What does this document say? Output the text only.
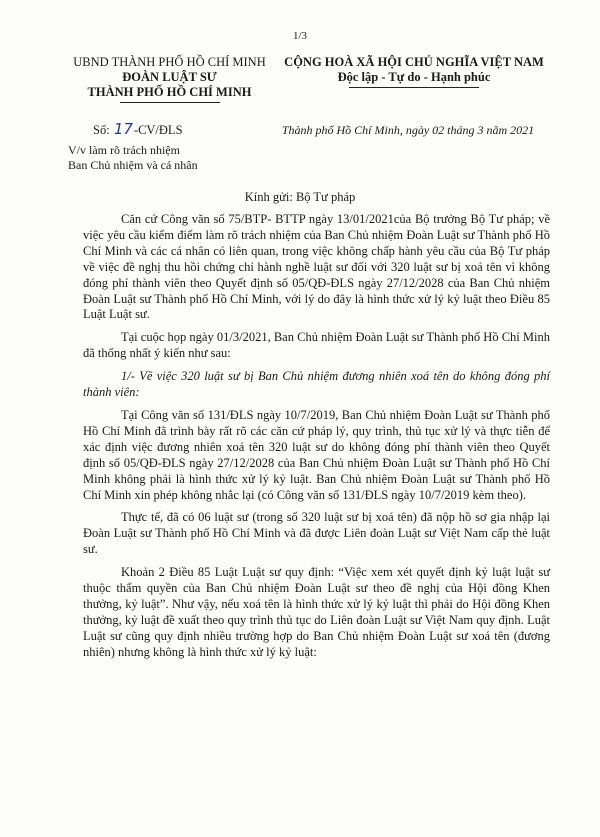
1/3
UBND THÀNH PHỐ HỒ CHÍ MINH
ĐOÀN LUẬT SƯ
THÀNH PHỐ HỒ CHÍ MINH
CỘNG HOÀ XÃ HỘI CHỦ NGHĨA VIỆT NAM
Độc lập - Tự do - Hạnh phúc
Số: 17-CV/ĐLS	Thành phố Hồ Chí Minh, ngày 02 tháng 3 năm 2021
V/v làm rõ trách nhiệm
Ban Chủ nhiệm và cá nhân
Kính gửi: Bộ Tư pháp

Căn cứ Công văn số 75/BTP- BTTP ngày 13/01/2021của Bộ trưởng Bộ Tư pháp; về việc yêu cầu kiểm điểm làm rõ trách nhiệm của Ban Chủ nhiệm Đoàn Luật sư Thành phố Hồ Chí Minh và các cá nhân có liên quan, trong việc không chấp hành yêu cầu của Bộ Tư pháp về việc đề nghị thu hồi chứng chỉ hành nghề luật sư đối với 320 luật sư bị xoá tên vì không đóng phí thành viên theo Quyết định số 05/QĐ-ĐLS ngày 27/12/2028 của Ban Chủ nhiệm Đoàn Luật sư Thành phố Hồ Chí Minh, với lý do đây là hình thức xử lý kỷ luật theo Điều 85 Luật Luật sư.

Tại cuộc họp ngày 01/3/2021, Ban Chủ nhiệm Đoàn Luật sư Thành phố Hồ Chí Minh đã thống nhất ý kiến như sau:

1/- Về việc 320 luật sư bị Ban Chủ nhiệm đương nhiên xoá tên do không đóng phí thành viên:

Tại Công văn số 131/ĐLS ngày 10/7/2019, Ban Chủ nhiệm Đoàn Luật sư Thành phố Hồ Chí Minh đã trình bày rất rõ các căn cứ pháp lý, quy trình, thủ tục xử lý và thực tiễn để xác định việc đương nhiên xoá tên 320 luật sư do không đóng phí thành viên theo Quyết định số 05/QĐ-ĐLS ngày 27/12/2028 của Ban Chủ nhiệm Đoàn Luật sư Thành phố Hồ Chí Minh không phải là hình thức xử lý kỷ luật. Ban Chủ nhiệm Đoàn Luật sư Thành phố Hồ Chí Minh xin phép không nhắc lại (có Công văn số 131/ĐLS ngày 10/7/2019 kèm theo).

Thực tế, đã có 06 luật sư (trong số 320 luật sư bị xoá tên) đã nộp hồ sơ gia nhập lại Đoàn Luật sư Thành phố Hồ Chí Minh và đã được Liên đoàn Luật sư Việt Nam cấp thẻ luật sư.

Khoản 2 Điều 85 Luật Luật sư quy định: “Việc xem xét quyết định kỷ luật luật sư thuộc thẩm quyền của Ban Chủ nhiệm Đoàn Luật sư theo đề nghị của Hội đồng Khen thưởng, kỷ luật”. Như vậy, nếu xoá tên là hình thức xử lý kỷ luật thì phải do Hội đồng Khen thưởng, kỷ luật đề xuất theo quy trình thủ tục do Liên đoàn Luật sư Việt Nam quy định. Luật Luật sư cũng quy định nhiều trường hợp do Ban Chủ nhiệm Đoàn Luật sư xoá tên (đương nhiên) nhưng không là hình thức xử lý kỷ luật:
